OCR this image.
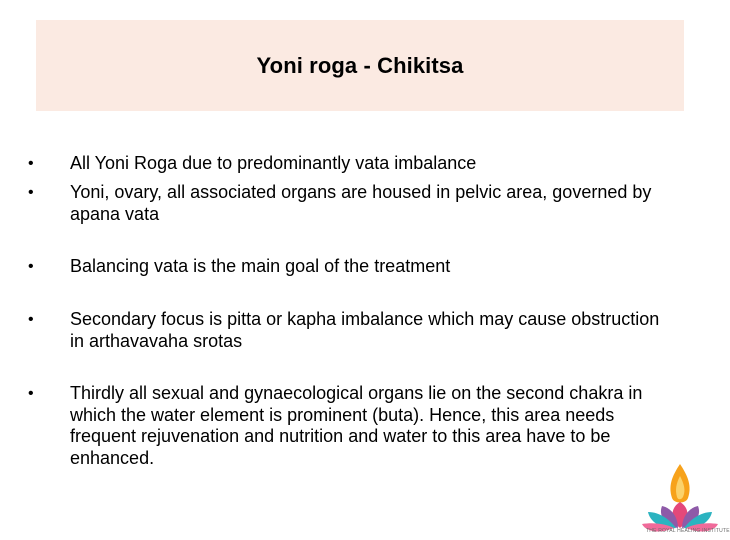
Yoni roga - Chikitsa
• All Yoni Roga due to predominantly vata imbalance
• Yoni, ovary, all associated organs are housed in pelvic area, governed by apana vata
• Balancing vata is the main goal of the treatment
• Secondary focus is pitta or kapha imbalance which may cause obstruction in arthavavaha srotas
• Thirdly all sexual and gynaecological organs lie on the second chakra in which the water element is prominent (buta). Hence, this area needs frequent rejuvenation and nutrition and water to this area have to be enhanced.
THE ROYAL HEALING INSTITUTE
